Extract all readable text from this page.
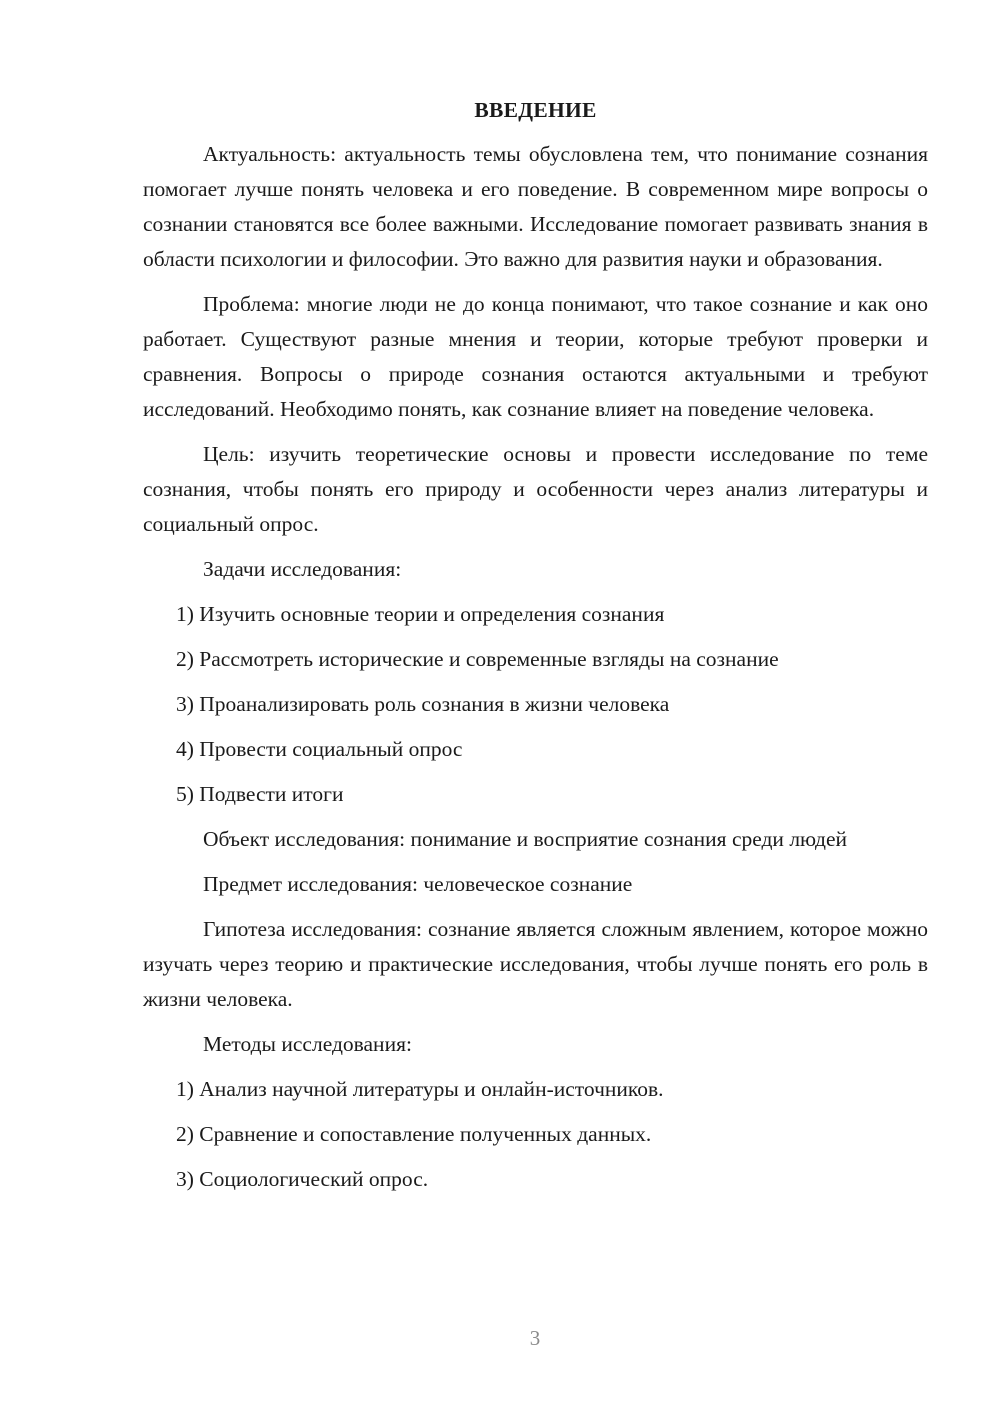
ВВЕДЕНИЕ

Актуальность: актуальность темы обусловлена тем, что понимание сознания помогает лучше понять человека и его поведение. В современном мире вопросы о сознании становятся все более важными. Исследование помогает развивать знания в области психологии и философии. Это важно для развития науки и образования.

Проблема: многие люди не до конца понимают, что такое сознание и как оно работает. Существуют разные мнения и теории, которые требуют проверки и сравнения. Вопросы о природе сознания остаются актуальными и требуют исследований. Необходимо понять, как сознание влияет на поведение человека.

Цель: изучить теоретические основы и провести исследование по теме сознания, чтобы понять его природу и особенности через анализ литературы и социальный опрос.

Задачи исследования:

1) Изучить основные теории и определения сознания
2) Рассмотреть исторические и современные взгляды на сознание
3) Проанализировать роль сознания в жизни человека
4) Провести социальный опрос
5) Подвести итоги

Объект исследования: понимание и восприятие сознания среди людей

Предмет исследования: человеческое сознание

Гипотеза исследования: сознание является сложным явлением, которое можно изучать через теорию и практические исследования, чтобы лучше понять его роль в жизни человека.

Методы исследования:

1) Анализ научной литературы и онлайн-источников.
2) Сравнение и сопоставление полученных данных.
3) Социологический опрос.
3
